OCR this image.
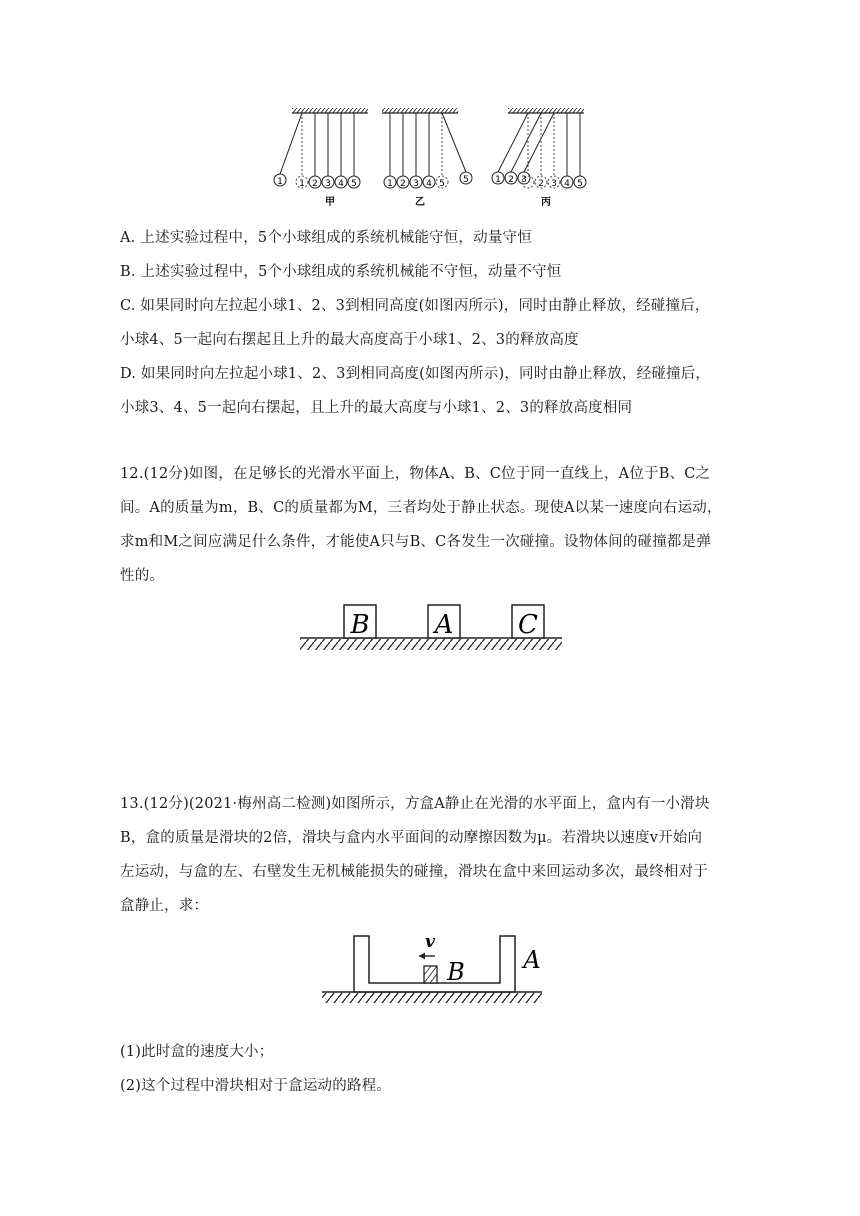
1 1 2 3 4 5
甲
1 2 3 4 5 5
乙
1 2 3 2 3 4 5
丙
A. 上述实验过程中，5个小球组成的系统机械能守恒，动量守恒
B. 上述实验过程中，5个小球组成的系统机械能不守恒，动量不守恒
C. 如果同时向左拉起小球1、2、3到相同高度(如图丙所示)，同时由静止释放，经碰撞后，
小球4、5一起向右摆起且上升的最大高度高于小球1、2、3的释放高度
D. 如果同时向左拉起小球1、2、3到相同高度(如图丙所示)，同时由静止释放，经碰撞后，
小球3、4、5一起向右摆起，且上升的最大高度与小球1、2、3的释放高度相同
12.(12分)如图，在足够长的光滑水平面上，物体A、B、C位于同一直线上，A位于B、C之
间。A的质量为m，B、C的质量都为M，三者均处于静止状态。现使A以某一速度向右运动，
求m和M之间应满足什么条件，才能使A只与B、C各发生一次碰撞。设物体间的碰撞都是弹
性的。
B	A C
13.(12分)(2021·梅州高二检测)如图所示，方盒A静止在光滑的水平面上，盒内有一小滑块
B，盒的质量是滑块的2倍，滑块与盒内水平面间的动摩擦因数为μ。若滑块以速度v开始向
左运动，与盒的左、右壁发生无机械能损失的碰撞，滑块在盒中来回运动多次，最终相对于
盒静止，求：
v
B A
(1)此时盒的速度大小；
(2)这个过程中滑块相对于盒运动的路程。
